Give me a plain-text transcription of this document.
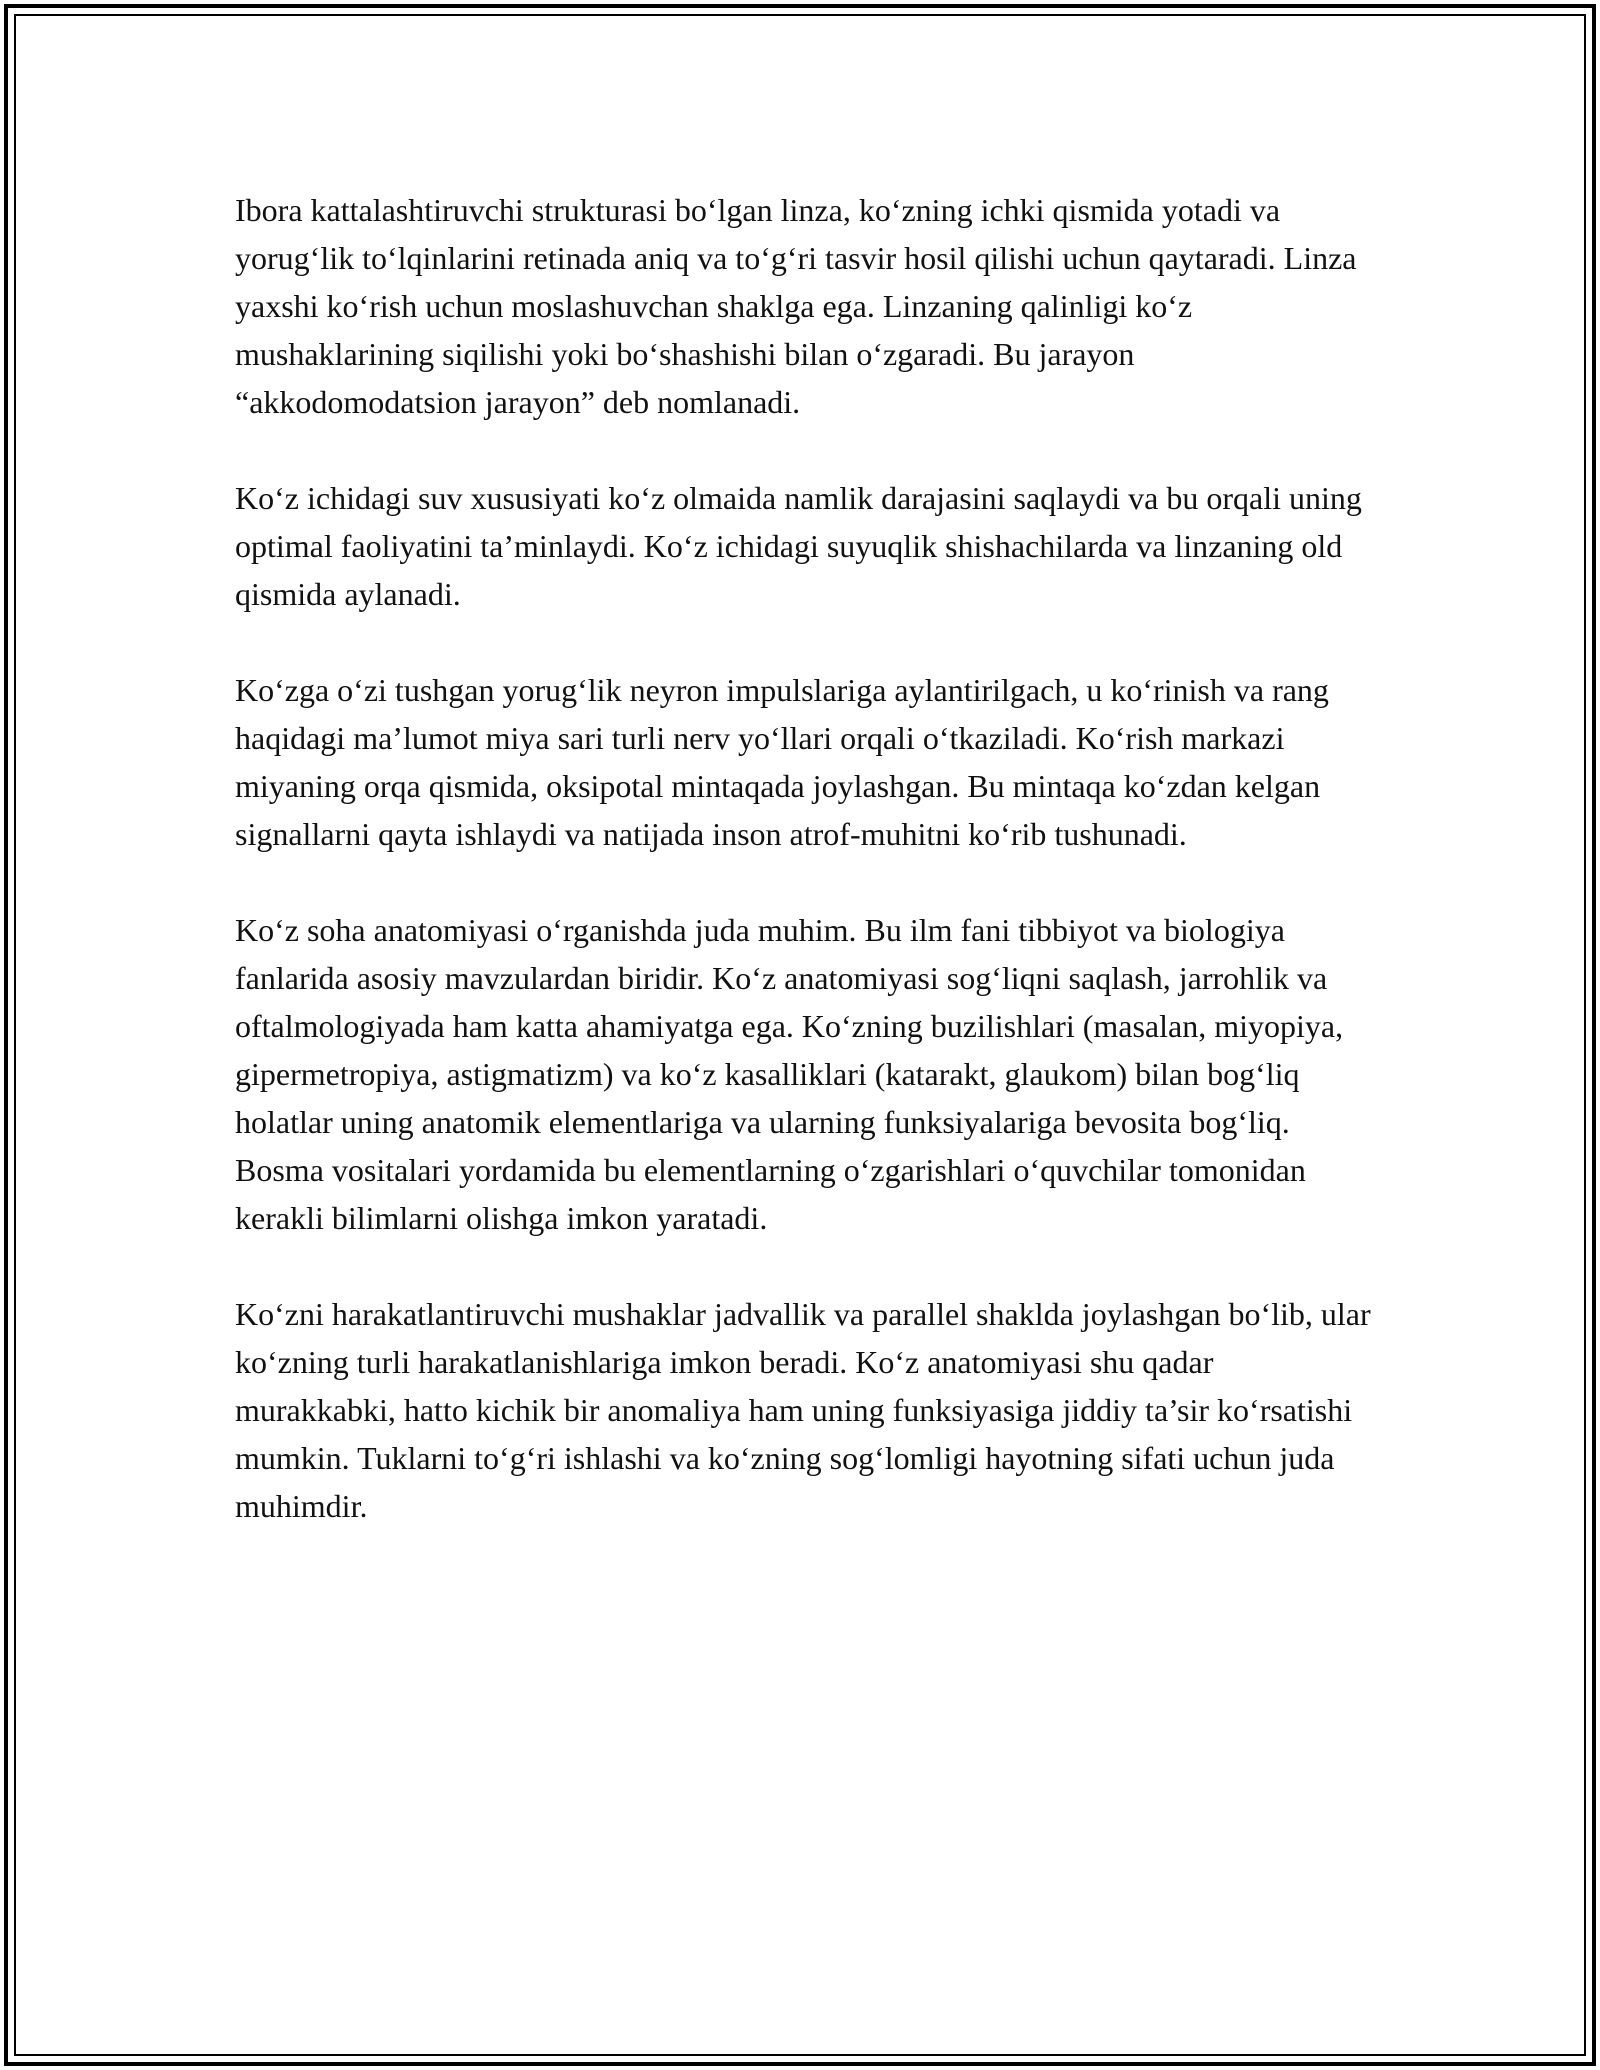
Ibora kattalashtiruvchi strukturasi bo‘lgan linza, ko‘zning ichki qismida yotadi va yorug‘lik to‘lqinlarini retinada aniq va to‘g‘ri tasvir hosil qilishi uchun qaytaradi. Linza yaxshi ko‘rish uchun moslashuvchan shaklga ega. Linzaning qalinligi ko‘z mushaklarining siqilishi yoki bo‘shashishi bilan o‘zgaradi. Bu jarayon “akkodomodatsion jarayon” deb nomlanadi.

Ko‘z ichidagi suv xususiyati ko‘z olmaida namlik darajasini saqlaydi va bu orqali uning optimal faoliyatini ta’minlaydi. Ko‘z ichidagi suyuqlik shishachilarda va linzaning old qismida aylanadi.

Ko‘zga o‘zi tushgan yorug‘lik neyron impulslariga aylantirilgach, u ko‘rinish va rang haqidagi ma’lumot miya sari turli nerv yo‘llari orqali o‘tkaziladi. Ko‘rish markazi miyaning orqa qismida, oksipotal mintaqada joylashgan. Bu mintaqa ko‘zdan kelgan signallarni qayta ishlaydi va natijada inson atrof-muhitni ko‘rib tushunadi.

Ko‘z soha anatomiyasi o‘rganishda juda muhim. Bu ilm fani tibbiyot va biologiya fanlarida asosiy mavzulardan biridir. Ko‘z anatomiyasi sog‘liqni saqlash, jarrohlik va oftalmologiyada ham katta ahamiyatga ega. Ko‘zning buzilishlari (masalan, miyopiya, gipermetropiya, astigmatizm) va ko‘z kasalliklari (katarakt, glaukom) bilan bog‘liq holatlar uning anatomik elementlariga va ularning funksiyalariga bevosita bog‘liq. Bosma vositalari yordamida bu elementlarning o‘zgarishlari o‘quvchilar tomonidan kerakli bilimlarni olishga imkon yaratadi.

Ko‘zni harakatlantiruvchi mushaklar jadvallik va parallel shaklda joylashgan bo‘lib, ular ko‘zning turli harakatlanishlariga imkon beradi. Ko‘z anatomiyasi shu qadar murakkabki, hatto kichik bir anomaliya ham uning funksiyasiga jiddiy ta’sir ko‘rsatishi mumkin. Tuklarni to‘g‘ri ishlashi va ko‘zning sog‘lomligi hayotning sifati uchun juda muhimdir.
